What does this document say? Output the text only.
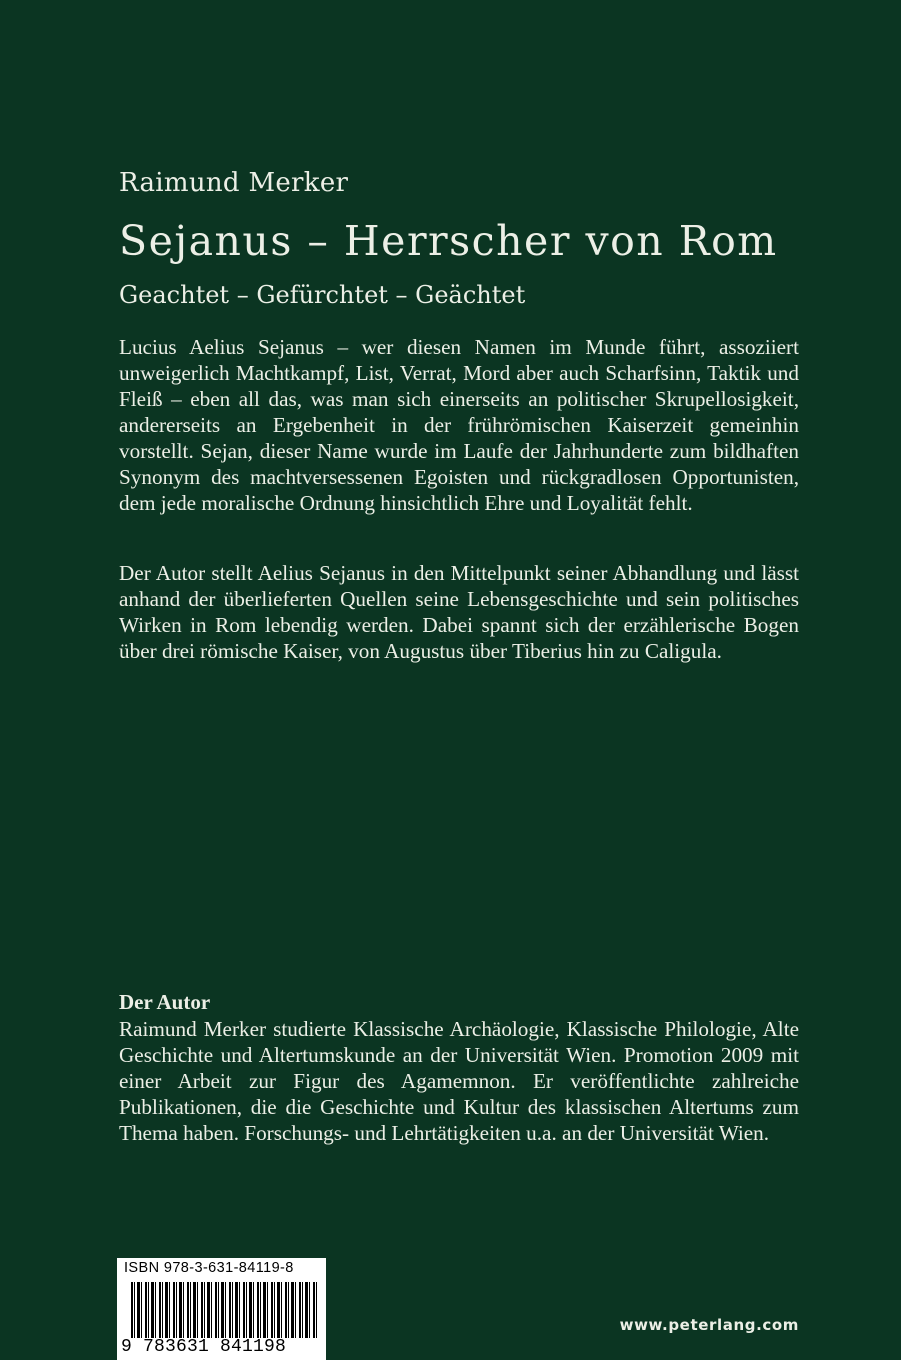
Raimund Merker
Sejanus – Herrscher von Rom
Geachtet – Gefürchtet – Geächtet

Lucius Aelius Sejanus – wer diesen Namen im Munde führt, assoziiert unweigerlich Machtkampf, List, Verrat, Mord aber auch Scharfsinn, Taktik und Fleiß – eben all das, was man sich einerseits an politischer Skrupellosigkeit, andererseits an Ergebenheit in der frührömischen Kaiserzeit gemeinhin vorstellt. Sejan, dieser Name wurde im Laufe der Jahrhunderte zum bildhaften Synonym des machtversessenen Egoisten und rückgradlosen Opportunisten, dem jede moralische Ordnung hinsichtlich Ehre und Loyalität fehlt.

Der Autor stellt Aelius Sejanus in den Mittelpunkt seiner Abhandlung und lässt anhand der überlieferten Quellen seine Lebensgeschichte und sein politisches Wirken in Rom lebendig werden. Dabei spannt sich der erzählerische Bogen über drei römische Kaiser, von Augustus über Tiberius hin zu Caligula.

Der Autor

Raimund Merker studierte Klassische Archäologie, Klassische Philologie, Alte Geschichte und Altertumskunde an der Universität Wien. Promotion 2009 mit einer Arbeit zur Figur des Agamemnon. Er veröffentlichte zahlreiche Publikationen, die die Geschichte und Kultur des klassischen Altertums zum Thema haben. Forschungs- und Lehrtätigkeiten u.a. an der Universität Wien.

ISBN 978-3-631-84119-8
9 783631 841198
www.peterlang.com
